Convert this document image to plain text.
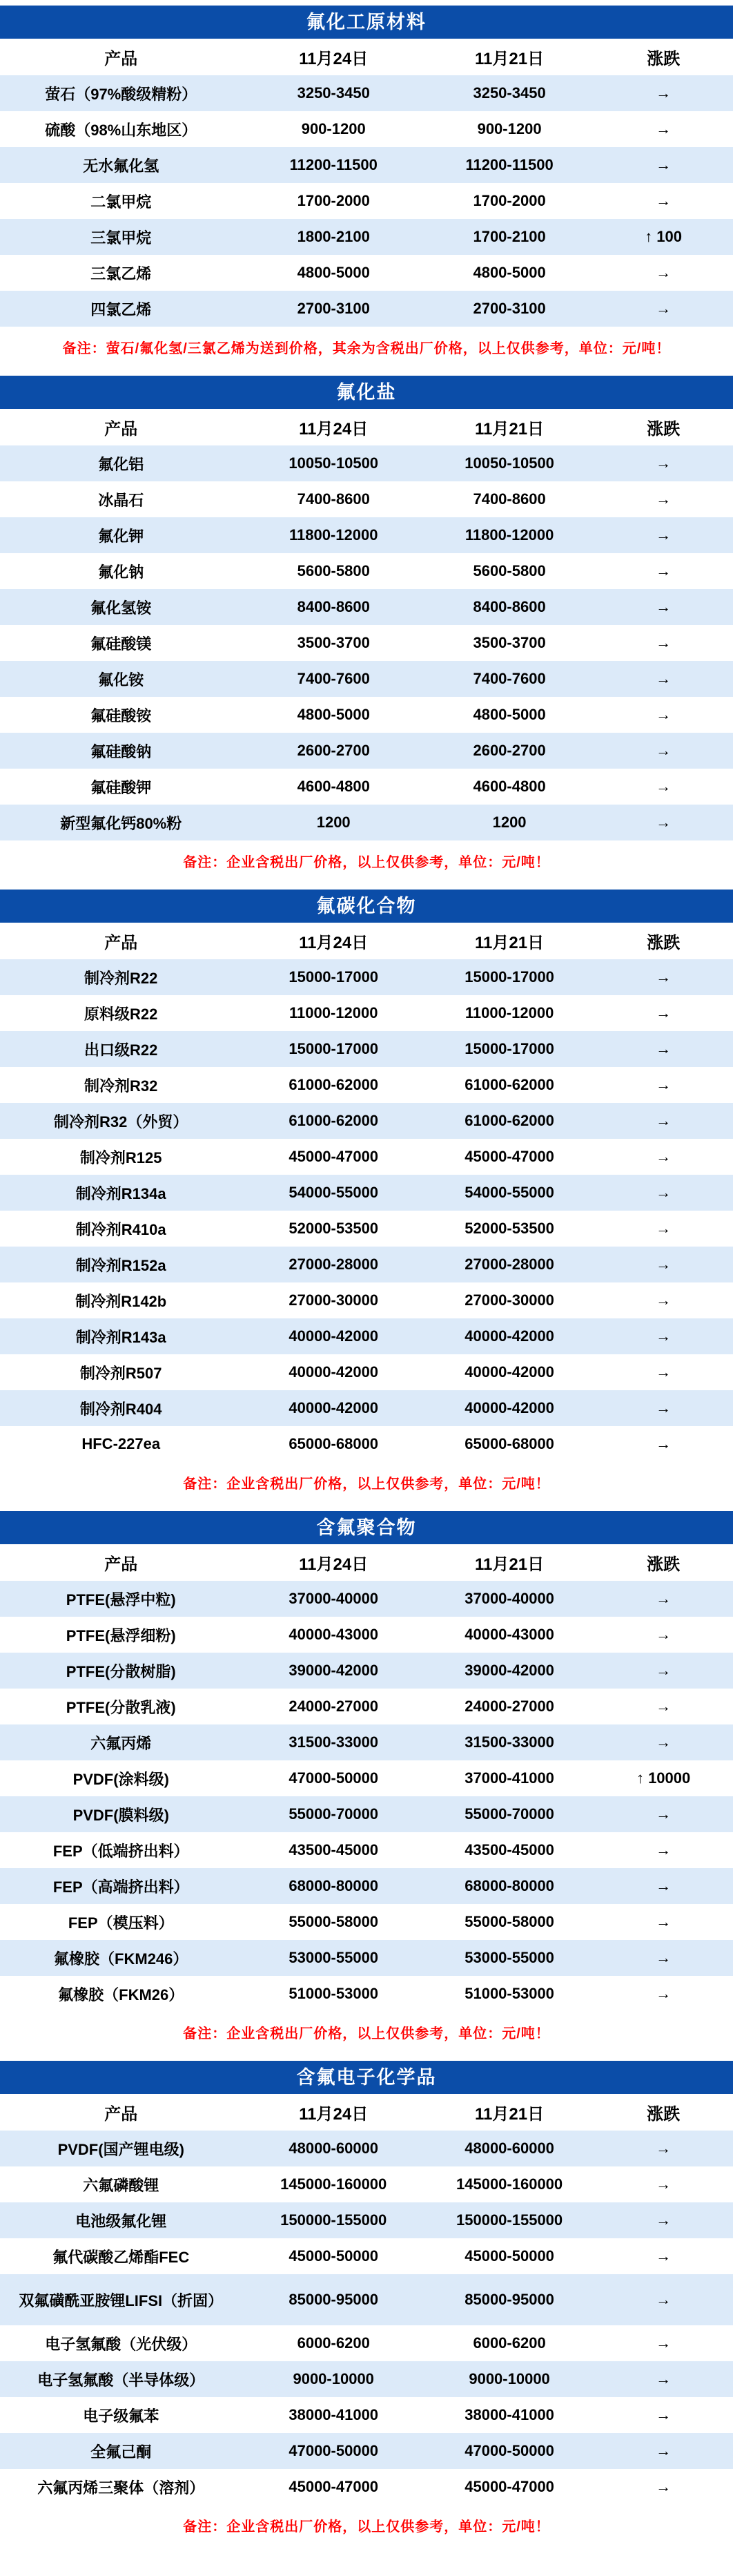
氟化工原材料
产品	11月24日	11月21日	涨跌
萤石（97%酸级精粉）	3250-3450	3250-3450	→
硫酸（98%山东地区）	900-1200	900-1200	→
无水氟化氢	11200-11500	11200-11500	→
二氯甲烷	1700-2000	1700-2000	→
三氯甲烷	1800-2100	1700-2100	↑ 100
三氯乙烯	4800-5000	4800-5000	→
四氯乙烯	2700-3100	2700-3100	→
备注：萤石/氟化氢/三氯乙烯为送到价格，其余为含税出厂价格，以上仅供参考，单位：元/吨！
氟化盐
产品	11月24日	11月21日	涨跌
氟化铝	10050-10500	10050-10500	→
冰晶石	7400-8600	7400-8600	→
氟化钾	11800-12000	11800-12000	→
氟化钠	5600-5800	5600-5800	→
氟化氢铵	8400-8600	8400-8600	→
氟硅酸镁	3500-3700	3500-3700	→
氟化铵	7400-7600	7400-7600	→
氟硅酸铵	4800-5000	4800-5000	→
氟硅酸钠	2600-2700	2600-2700	→
氟硅酸钾	4600-4800	4600-4800	→
新型氟化钙80%粉	1200	1200	→
备注：企业含税出厂价格，以上仅供参考，单位：元/吨！
氟碳化合物
产品	11月24日	11月21日	涨跌
制冷剂R22	15000-17000	15000-17000	→
原料级R22	11000-12000	11000-12000	→
出口级R22	15000-17000	15000-17000	→
制冷剂R32	61000-62000	61000-62000	→
制冷剂R32（外贸）	61000-62000	61000-62000	→
制冷剂R125	45000-47000	45000-47000	→
制冷剂R134a	54000-55000	54000-55000	→
制冷剂R410a	52000-53500	52000-53500	→
制冷剂R152a	27000-28000	27000-28000	→
制冷剂R142b	27000-30000	27000-30000	→
制冷剂R143a	40000-42000	40000-42000	→
制冷剂R507	40000-42000	40000-42000	→
制冷剂R404	40000-42000	40000-42000	→
HFC-227ea	65000-68000	65000-68000	→
备注：企业含税出厂价格，以上仅供参考，单位：元/吨！
含氟聚合物
产品	11月24日	11月21日	涨跌
PTFE(悬浮中粒)	37000-40000	37000-40000	→
PTFE(悬浮细粉)	40000-43000	40000-43000	→
PTFE(分散树脂)	39000-42000	39000-42000	→
PTFE(分散乳液)	24000-27000	24000-27000	→
六氟丙烯	31500-33000	31500-33000	→
PVDF(涂料级)	47000-50000	37000-41000	↑ 10000
PVDF(膜料级)	55000-70000	55000-70000	→
FEP（低端挤出料）	43500-45000	43500-45000	→
FEP（高端挤出料）	68000-80000	68000-80000	→
FEP（模压料）	55000-58000	55000-58000	→
氟橡胶（FKM246）	53000-55000	53000-55000	→
氟橡胶（FKM26）	51000-53000	51000-53000	→
备注：企业含税出厂价格，以上仅供参考，单位：元/吨！
含氟电子化学品
产品	11月24日	11月21日	涨跌
PVDF(国产锂电级)	48000-60000	48000-60000	→
六氟磷酸锂	145000-160000	145000-160000	→
电池级氟化锂	150000-155000	150000-155000	→
氟代碳酸乙烯酯FEC	45000-50000	45000-50000	→
双氟磺酰亚胺锂LIFSI（折固）	85000-95000	85000-95000	→
电子氢氟酸（光伏级）	6000-6200	6000-6200	→
电子氢氟酸（半导体级）	9000-10000	9000-10000	→
电子级氟苯	38000-41000	38000-41000	→
全氟己酮	47000-50000	47000-50000	→
六氟丙烯三聚体（溶剂）	45000-47000	45000-47000	→
备注：企业含税出厂价格，以上仅供参考，单位：元/吨！
